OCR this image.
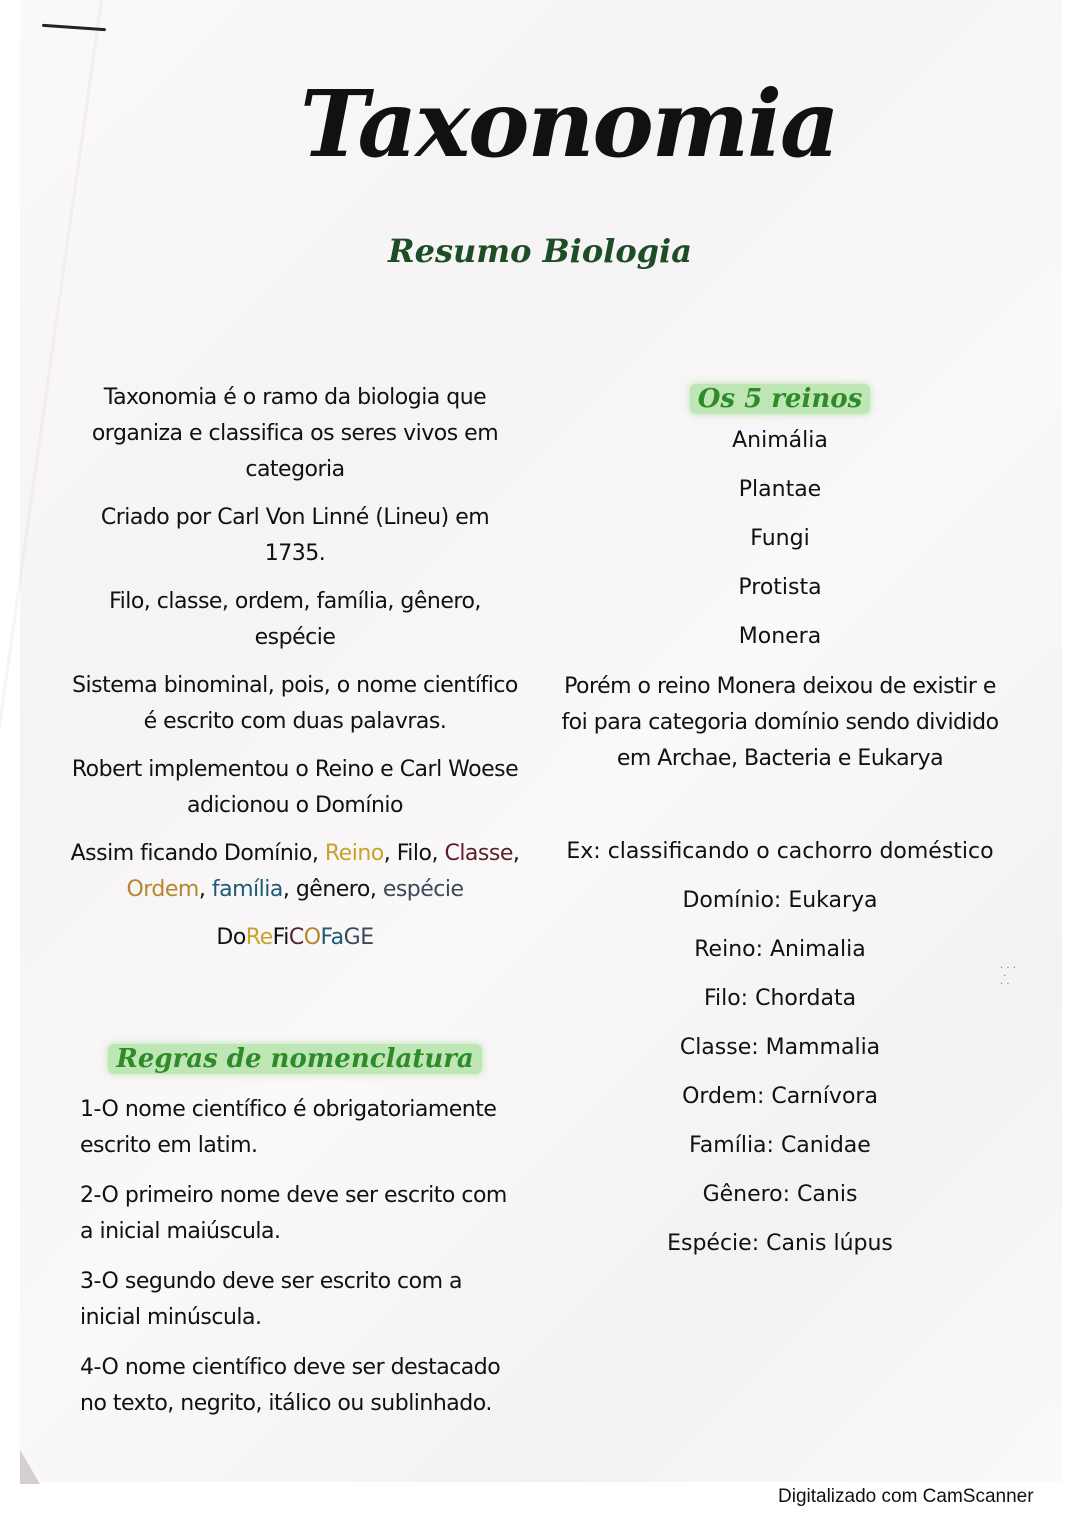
Taxonomia
Resumo Biologia

Taxonomia é o ramo da biologia que organiza e classifica os seres vivos em categoria

Criado por Carl Von Linné (Lineu) em 1735.

Filo, classe, ordem, família, gênero, espécie

Sistema binominal, pois, o nome científico é escrito com duas palavras.

Robert implementou o Reino e Carl Woese adicionou o Domínio

Assim ficando Domínio, Reino, Filo, Classe,
Ordem, família, gênero, espécie

DoReFiCOFaGE

Regras de nomenclatura

1-O nome científico é obrigatoriamente escrito em latim.

2-O primeiro nome deve ser escrito com a inicial maiúscula.

3-O segundo deve ser escrito com a inicial minúscula.

4-O nome científico deve ser destacado no texto, negrito, itálico ou sublinhado.

Os 5 reinos
Animália
Plantae
Fungi
Protista
Monera

Porém o reino Monera deixou de existir e foi para categoria domínio sendo dividido em Archae, Bacteria e Eukarya

Ex: classificando o cachorro doméstico
Domínio: Eukarya
Reino: Animalia
Filo: Chordata
Classe: Mammalia
Ordem: Carnívora
Família: Canidae
Gênero: Canis
Espécie: Canis lúpus
· · ·
·
· ·
Digitalizado com CamScanner
